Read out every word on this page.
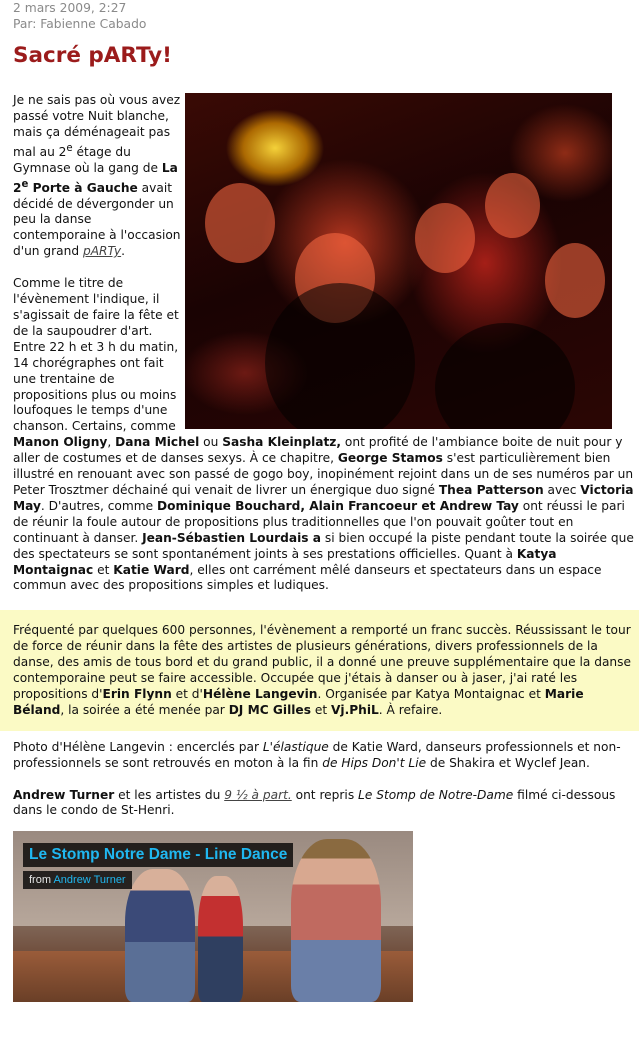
2 mars 2009, 2:27

Par: Fabienne Cabado

Sacré pARTy!

Je ne sais pas où vous avez passé votre Nuit blanche, mais ça déménageait pas mal au 2e étage du Gymnase où la gang de La 2e Porte à Gauche avait décidé de dévergonder un peu la danse contemporaine à l'occasion d'un grand pARTy.

Comme le titre de l'évènement l'indique, il s'agissait de faire la fête et de la saupoudrer d'art. Entre 22 h et 3 h du matin, 14 chorégraphes ont fait une trentaine de propositions plus ou moins loufoques le temps d'une chanson. Certains, comme Manon Oligny, Dana Michel ou Sasha Kleinplatz, ont profité de l'ambiance boite de nuit pour y aller de costumes et de danses sexys. À ce chapitre, George Stamos s'est particulièrement bien illustré en renouant avec son passé de gogo boy, inopinément rejoint dans un de ses numéros par un Peter Trosztmer déchainé qui venait de livrer un énergique duo signé Thea Patterson avec Victoria May. D'autres, comme Dominique Bouchard, Alain Francoeur et Andrew Tay ont réussi le pari de réunir la foule autour de propositions plus traditionnelles que l'on pouvait goûter tout en continuant à danser. Jean-Sébastien Lourdais a si bien occupé la piste pendant toute la soirée que des spectateurs se sont spontanément joints à ses prestations officielles. Quant à Katya Montaignac et Katie Ward, elles ont carrément mêlé danseurs et spectateurs dans un espace commun avec des propositions simples et ludiques.

Fréquenté par quelques 600 personnes, l'évènement a remporté un franc succès. Réussissant le tour de force de réunir dans la fête des artistes de plusieurs générations, divers professionnels de la danse, des amis de tous bord et du grand public, il a donné une preuve supplémentaire que la danse contemporaine peut se faire accessible. Occupée que j'étais à danser ou à jaser, j'ai raté les propositions d'Erin Flynn et d'Hélène Langevin. Organisée par Katya Montaignac et Marie Béland, la soirée a été menée par DJ MC Gilles et Vj.PhiL. À refaire.

Photo d'Hélène Langevin : encerclés par L'élastique de Katie Ward, danseurs professionnels et non-professionnels se sont retrouvés en moton à la fin de Hips Don't Lie de Shakira et Wyclef Jean.

Andrew Turner et les artistes du 9 ½ à part. ont repris Le Stomp de Notre-Dame filmé ci-dessous dans le condo de St-Henri.

Le Stomp Notre Dame - Line Dance
from Andrew Turner
